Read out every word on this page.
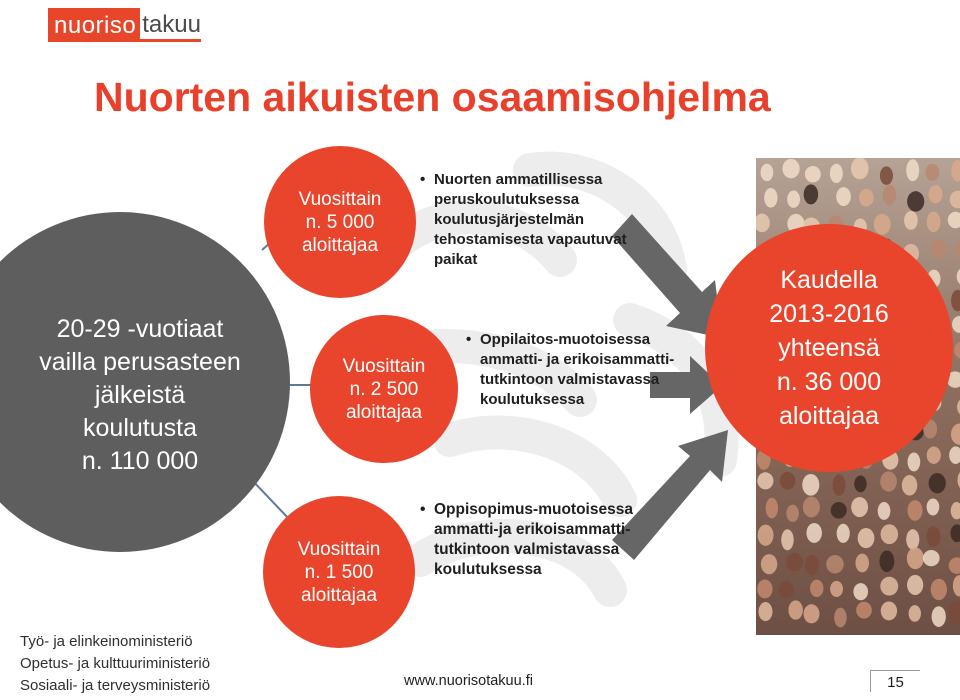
nuoriso takuu
Nuorten aikuisten osaamisohjelma
20-29 -vuotiaat
vailla perusasteen
jälkeistä
koulutusta
n. 110 000
Vuosittain
n. 5 000
aloittajaa
Vuosittain
n. 2 500
aloittajaa
Vuosittain
n. 1 500
aloittajaa
• Nuorten ammatillisessa peruskoulutuksessa koulutusjärjestelmän tehostamisesta vapautuvat paikat
• Oppilaitos-muotoisessa ammatti- ja erikoisammatti-tutkintoon valmistavassa koulutuksessa
• Oppisopimus-muotoisessa ammatti-ja erikoisammatti-tutkintoon valmistavassa koulutuksessa
Kaudella
2013-2016
yhteensä
n. 36 000
aloittajaa
Työ- ja elinkeinoministeriö
Opetus- ja kulttuuriministeriö
Sosiaali- ja terveysministeriö	www.nuorisotakuu.fi	15
